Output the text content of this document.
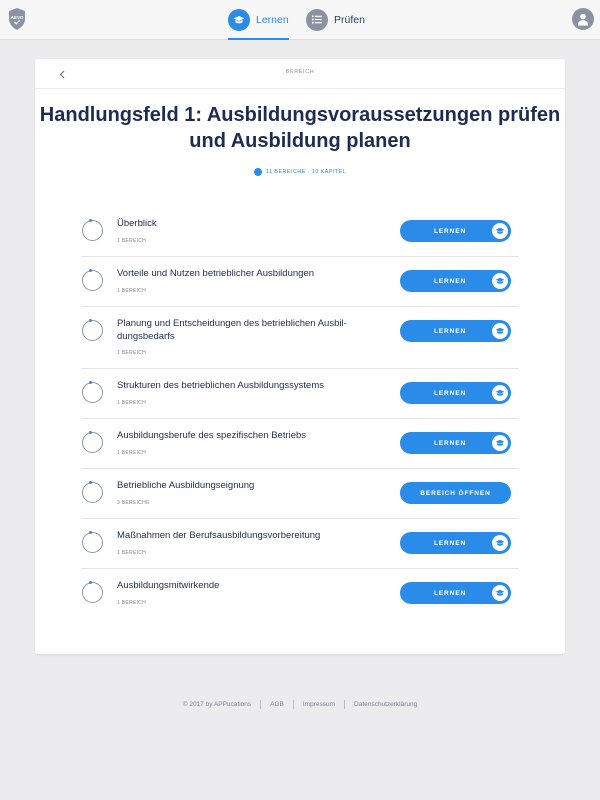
AEVO	Lernen	Prüfen
BEREICH
Handlungsfeld 1: Ausbildungsvoraussetzungen prüfen und Ausbildung planen
11 BEREICHE · 10 KAPITEL
Überblick
1 BEREICH
LERNEN
Vorteile und Nutzen betrieblicher Ausbildungen
1 BEREICH
LERNEN
Planung und Entscheidungen des betrieblichen Ausbil-dungsbedarfs
1 BEREICH
LERNEN
Strukturen des betrieblichen Ausbildungssystems
1 BEREICH
LERNEN
Ausbildungsberufe des spezifischen Betriebs
1 BEREICH
LERNEN
Betriebliche Ausbildungseignung
3 BEREICHE
BEREICH ÖFFNEN
Maßnahmen der Berufsausbildungsvorbereitung
1 BEREICH
LERNEN
Ausbildungsmitwirkende
1 BEREICH
LERNEN
© 2017 by APPucations	AGB	Impressum	Datenschutzerklärung
